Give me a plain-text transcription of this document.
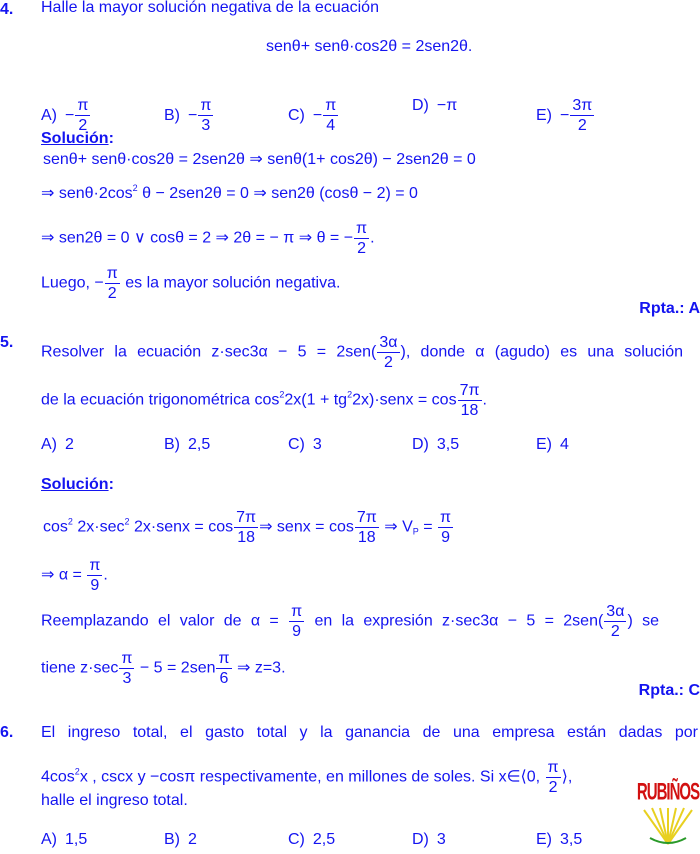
4. Halle la mayor solución negativa de la ecuación
senθ+ senθ·cos2θ = 2sen2θ.
$A) - \frac{\pi}{2}$	$B) - \frac{\pi}{3}$	$C) - \frac{\pi}{4}$	D) −π
$E) - \frac{3\pi}{2}$
Solución:
senθ+ senθ·cos2θ = 2sen2θ ⇒ senθ(1+ cos2θ) − 2sen2θ = 0
⇒ $sen\theta\cdot 2\cos^2$ θ − 2sen2θ = 0 ⇒ sen2θ (cosθ − 2) = 0
⇒ sen2θ = 0 ∨ cosθ = 2 ⇒ 2θ = − π ⇒ θ = − $\frac{\pi}{2}$ .
Luego, − $\frac{\pi}{2}$ es la mayor solución negativa.
Rpta.: A
5.
Resolver la ecuación $z\cdot\sec 3\alpha - 5 = 2sen( \frac{3\alpha}{2}$ ), donde α (agudo) es una solución
de la ecuación trigonométrica $\cos^22x(1$ + $tg^22x)\cdot senx = \cos \frac{7\pi}{18}$ .
A) 2	B) 2,5	C) 3	D) 3,5	E) 4
Solución:
$\cos^2 2x\cdot\sec^2$ 2x·senx = $\cos \frac{7\pi}{18}$ ⇒ senx = $\cos \frac{7\pi}{18}$ ⇒ $V_P = \frac{\pi}{9}$
⇒ $\alpha = \frac{\pi}{9}$ .
Reemplazando el valor de $\alpha = \frac{\pi}{9}$ en la expresión $z\cdot\sec 3\alpha - 5 = 2sen( \frac{3\alpha}{2}$ ) se
tiene $z\cdot\sec \frac{\pi}{3} - 5 = 2sen \frac{\pi}{6}$ ⇒ z=3.
Rpta.: C
6. El ingreso total, el gasto total y la ganancia de una empresa están dadas por
$4\cos^2x$ , cscx y −cosπ respectivamente, en millones de soles. Si x∈⟨0, $\frac{\pi}{2}$ ⟩,
halle el ingreso total.
A) 1,5	B) 2	C) 2,5	D) 3	E) 3,5
RUBIÑOS
